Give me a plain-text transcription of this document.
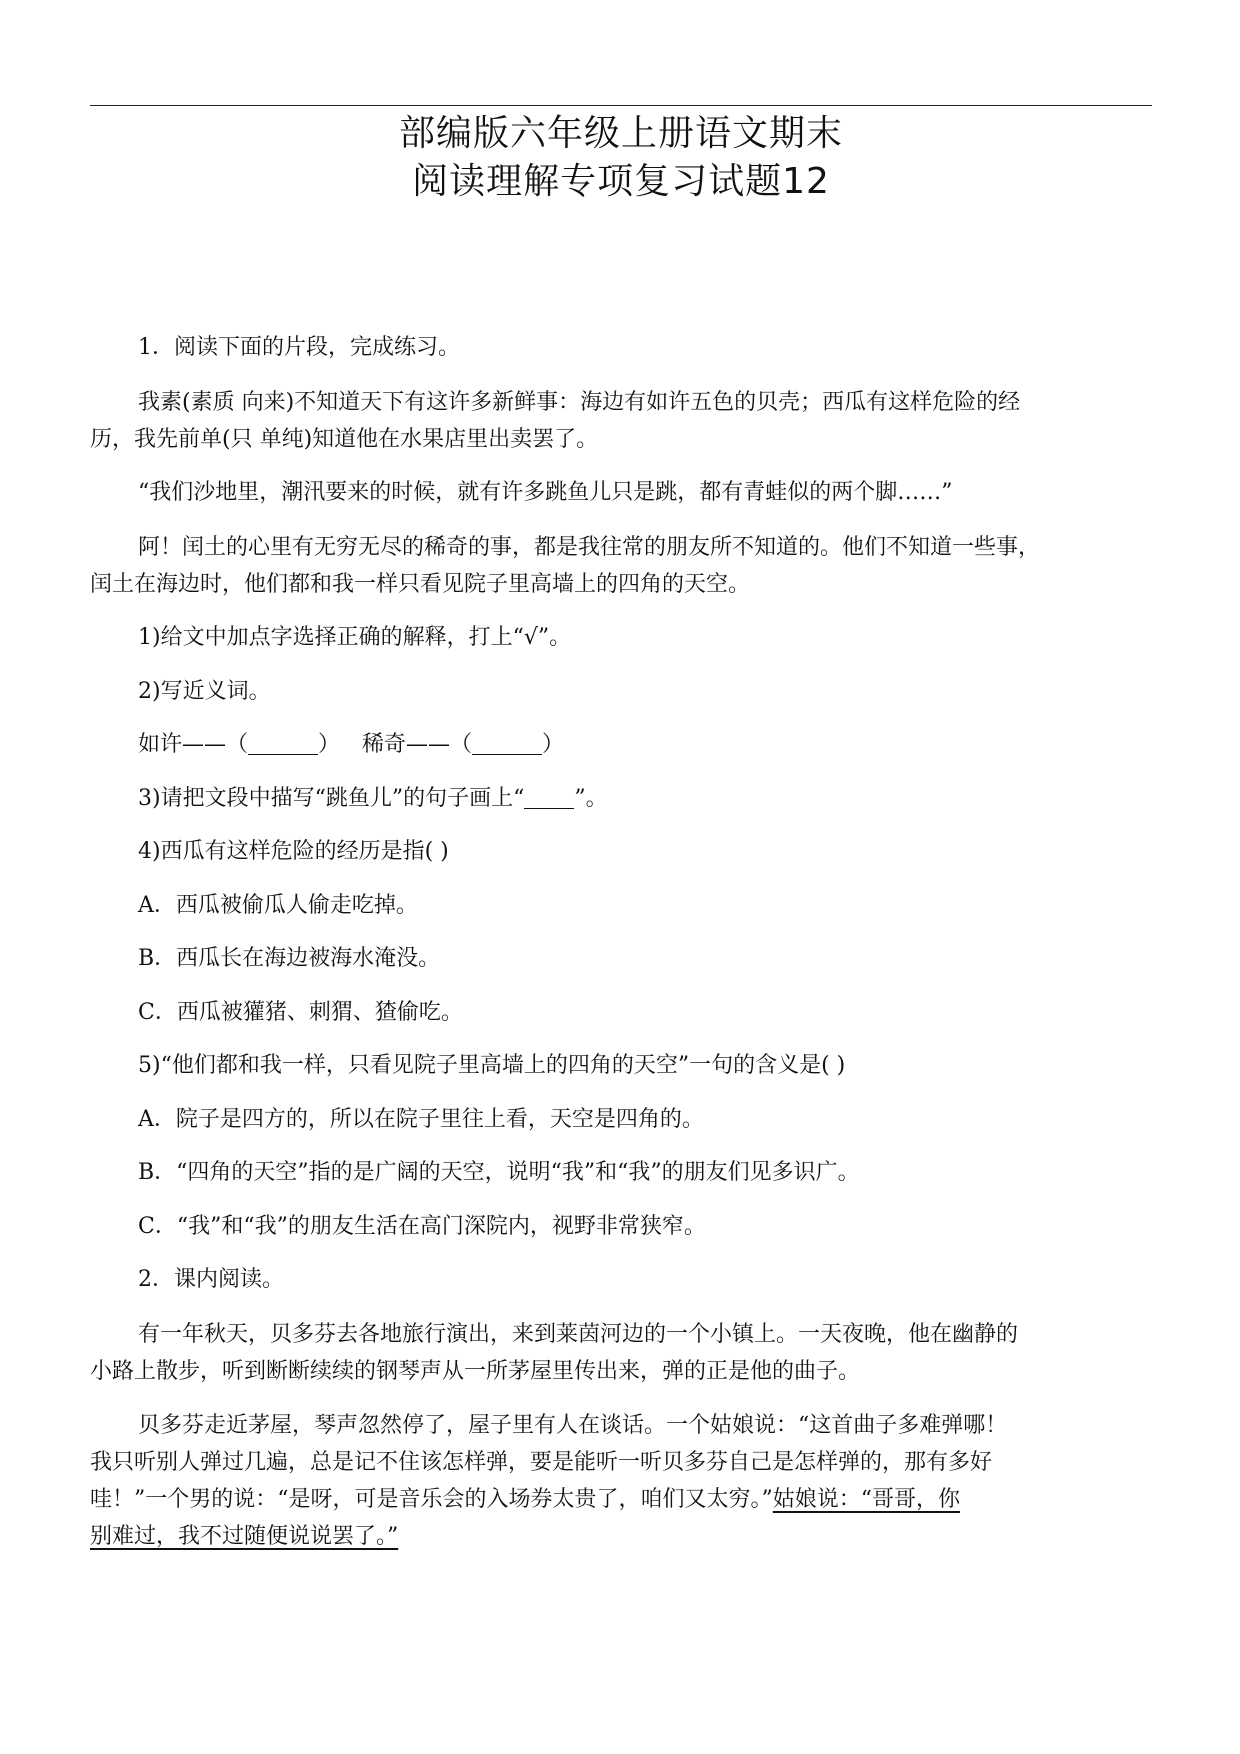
部编版六年级上册语文期末
阅读理解专项复习试题12

1．阅读下面的片段，完成练习。

我素(素质 向来)不知道天下有这许多新鲜事：海边有如许五色的贝壳；西瓜有这样危险的经
历，我先前单(只 单纯)知道他在水果店里出卖罢了。

“我们沙地里，潮汛要来的时候，就有许多跳鱼儿只是跳，都有青蛙似的两个脚……”

阿！闰土的心里有无穷无尽的稀奇的事，都是我往常的朋友所不知道的。他们不知道一些事，
闰土在海边时，他们都和我一样只看见院子里高墙上的四角的天空。

1)给文中加点字选择正确的解释，打上“√”。

2)写近义词。

如许——（	） 稀奇——（	）

3)请把文段中描写“跳鱼儿”的句子画上“ ”。

4)西瓜有这样危险的经历是指( )

A．西瓜被偷瓜人偷走吃掉。

B．西瓜长在海边被海水淹没。

C．西瓜被獾猪、刺猬、猹偷吃。

5)“他们都和我一样，只看见院子里高墙上的四角的天空”一句的含义是( )

A．院子是四方的，所以在院子里往上看，天空是四角的。

B．“四角的天空”指的是广阔的天空，说明“我”和“我”的朋友们见多识广。

C．“我”和“我”的朋友生活在高门深院内，视野非常狭窄。

2．课内阅读。

有一年秋天，贝多芬去各地旅行演出，来到莱茵河边的一个小镇上。一天夜晚，他在幽静的
小路上散步，听到断断续续的钢琴声从一所茅屋里传出来，弹的正是他的曲子。

贝多芬走近茅屋，琴声忽然停了，屋子里有人在谈话。一个姑娘说：“这首曲子多难弹哪！
我只听别人弹过几遍，总是记不住该怎样弹，要是能听一听贝多芬自己是怎样弹的，那有多好
哇！”一个男的说：“是呀，可是音乐会的入场券太贵了，咱们又太穷。”姑娘说：“哥哥，你
别难过，我不过随便说说罢了。”
